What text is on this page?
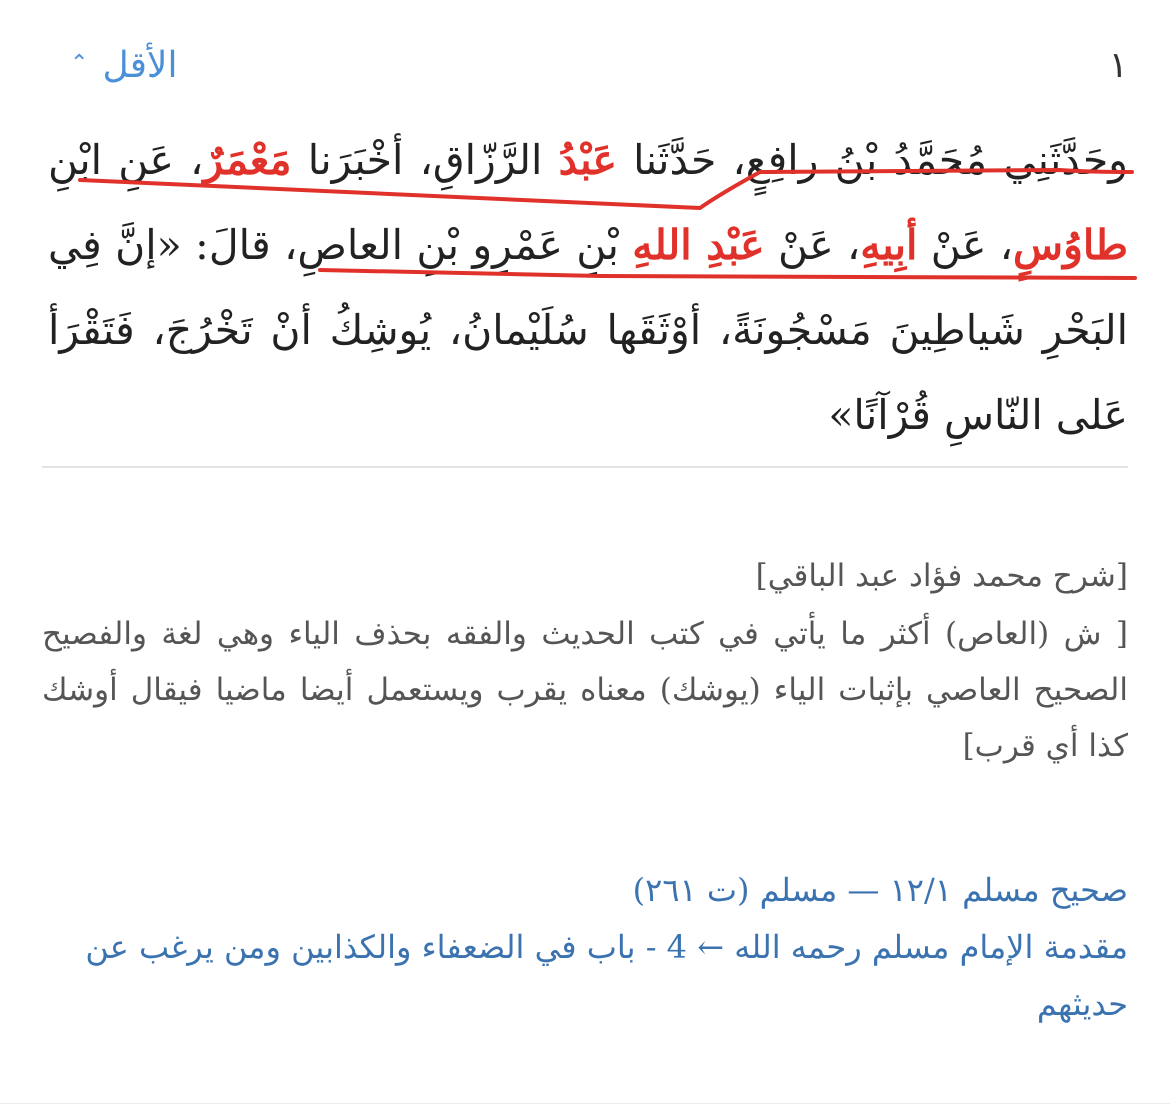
١
⌃ الأقل
وحَدَّثَنِي مُحَمَّدُ بْنُ رافِعٍ، حَدَّثَنا عَبْدُ الرَّزّاقِ، أخْبَرَنا مَعْمَرٌ، عَنِ ابْنِ طاوُسٍ، عَنْ أبِيهِ، عَنْ عَبْدِ اللهِ بْنِ عَمْرِو بْنِ العاصِ، قالَ: «إنَّ فِي البَحْرِ شَياطِينَ مَسْجُونَةً، أوْثَقَها سُلَيْمانُ، يُوشِكُ أنْ تَخْرُجَ، فَتَقْرَأ عَلى النّاسِ قُرْآنًا»
[شرح محمد فؤاد عبد الباقي]
[ ش (العاص) أكثر ما يأتي في كتب الحديث والفقه بحذف الياء وهي لغة والفصيح الصحيح العاصي بإثبات الياء (يوشك) معناه يقرب ويستعمل أيضا ماضيا فيقال أوشك كذا أي قرب]
صحيح مسلم ١٢/١ — مسلم (ت ٢٦١)
مقدمة الإمام مسلم رحمه الله ← 4 - باب في الضعفاء والكذابين ومن يرغب عن حديثهم
